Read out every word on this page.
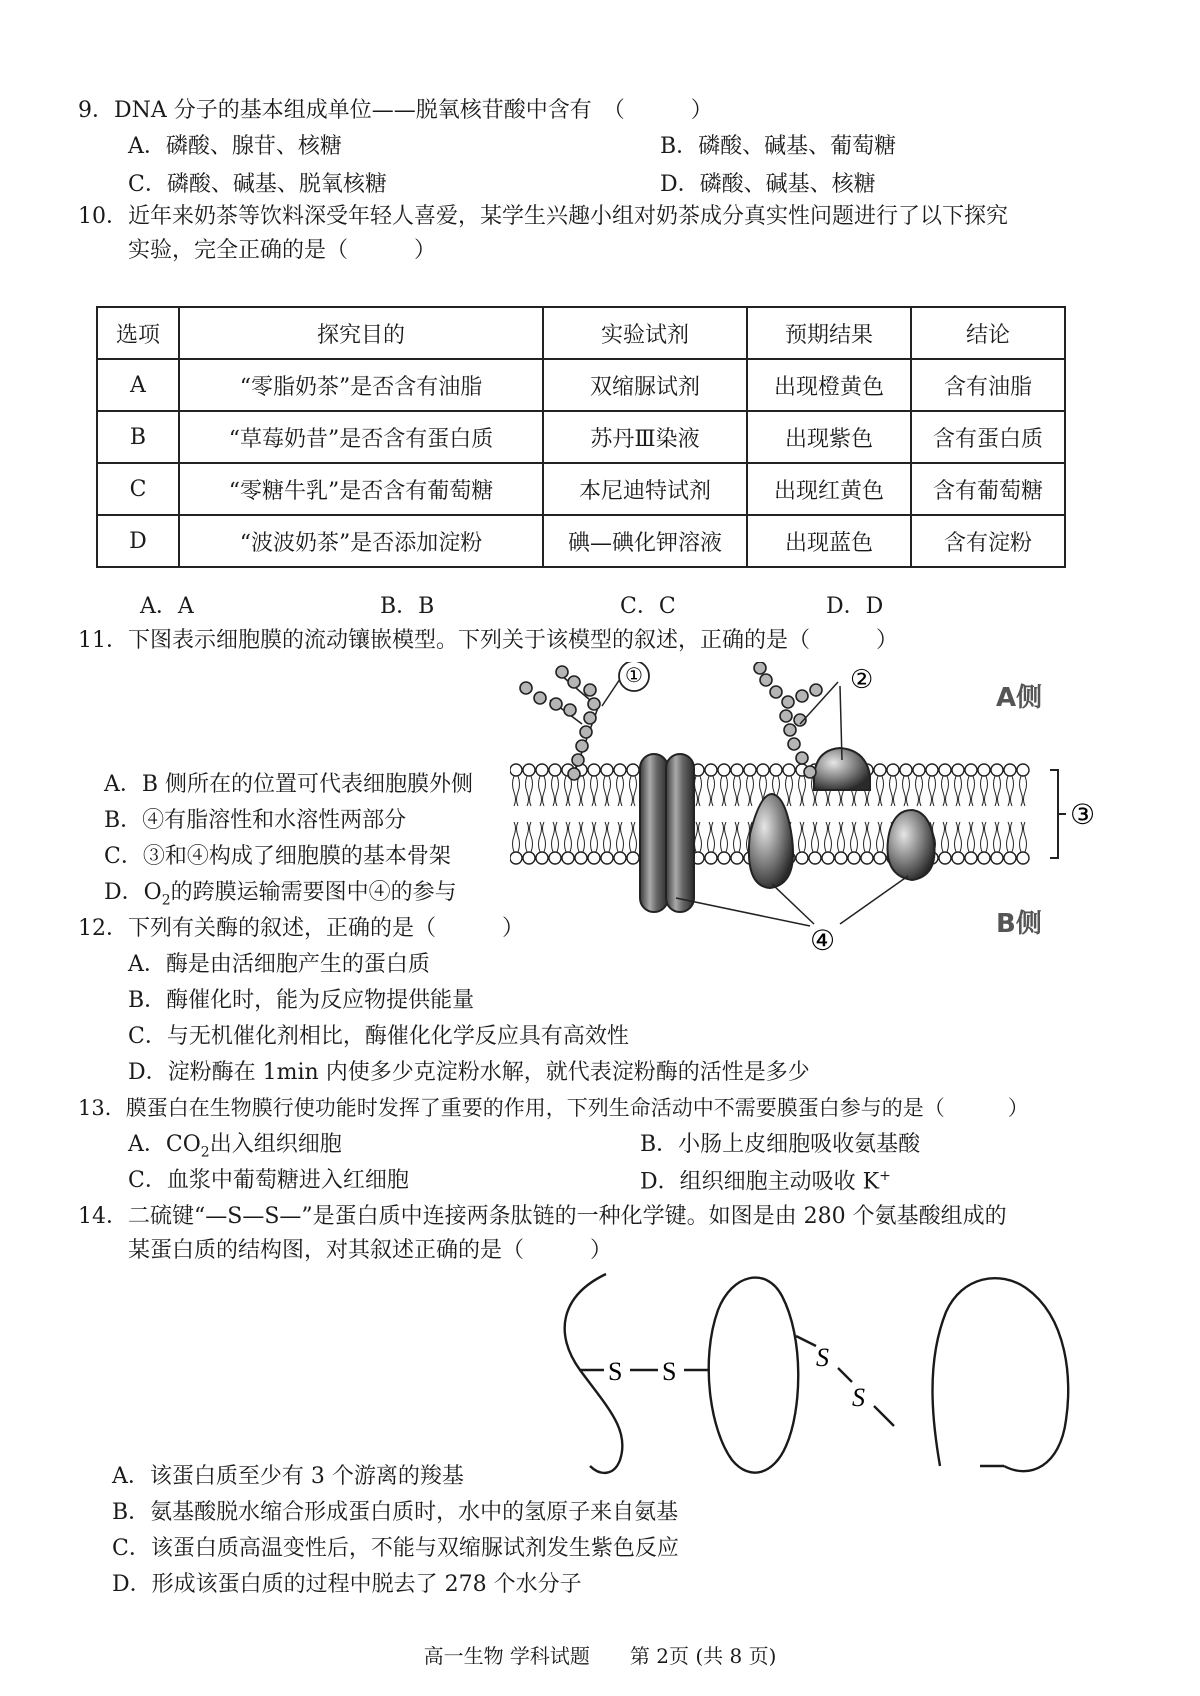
9．DNA 分子的基本组成单位——脱氧核苷酸中含有　（　　　）
A．磷酸、腺苷、核糖	B．磷酸、碱基、葡萄糖
C．磷酸、碱基、脱氧核糖	D．磷酸、碱基、核糖
10．近年来奶茶等饮料深受年轻人喜爱，某学生兴趣小组对奶茶成分真实性问题进行了以下探究
实验，完全正确的是（　　　）
选项	探究目的	实验试剂	预期结果	结论
A	“零脂奶茶”是否含有油脂	双缩脲试剂	出现橙黄色	含有油脂
B	“草莓奶昔”是否含有蛋白质	苏丹Ⅲ染液	出现紫色	含有蛋白质
C	“零糖牛乳”是否含有葡萄糖	本尼迪特试剂	出现红黄色	含有葡萄糖
D	“波波奶茶”是否添加淀粉	碘—碘化钾溶液	出现蓝色	含有淀粉
A．A	B．B	C．C	D．D
11．下图表示细胞膜的流动镶嵌模型。下列关于该模型的叙述，正确的是（　　　）
A．B 侧所在的位置可代表细胞膜外侧
B．④有脂溶性和水溶性两部分
C．③和④构成了细胞膜的基本骨架
D．$O_2$的跨膜运输需要图中④的参与
①	②
A侧
③
④	B侧
12．下列有关酶的叙述，正确的是（　　　）
A．酶是由活细胞产生的蛋白质
B．酶催化时，能为反应物提供能量
C．与无机催化剂相比，酶催化化学反应具有高效性
D．淀粉酶在 1min 内使多少克淀粉水解，就代表淀粉酶的活性是多少
13．膜蛋白在生物膜行使功能时发挥了重要的作用，下列生命活动中不需要膜蛋白参与的是（　　　）
A．$CO_2$出入组织细胞	B．小肠上皮细胞吸收氨基酸
C．血浆中葡萄糖进入红细胞	D．组织细胞主动吸收 K+
14．二硫键“—S—S—”是蛋白质中连接两条肽链的一种化学键。如图是由 280 个氨基酸组成的
某蛋白质的结构图，对其叙述正确的是（　　　）
S S	S
S
A．该蛋白质至少有 3 个游离的羧基
B．氨基酸脱水缩合形成蛋白质时，水中的氢原子来自氨基
C．该蛋白质高温变性后，不能与双缩脲试剂发生紫色反应
D．形成该蛋白质的过程中脱去了 278 个水分子
高一生物 学科试题　　第 2页 (共 8 页)
